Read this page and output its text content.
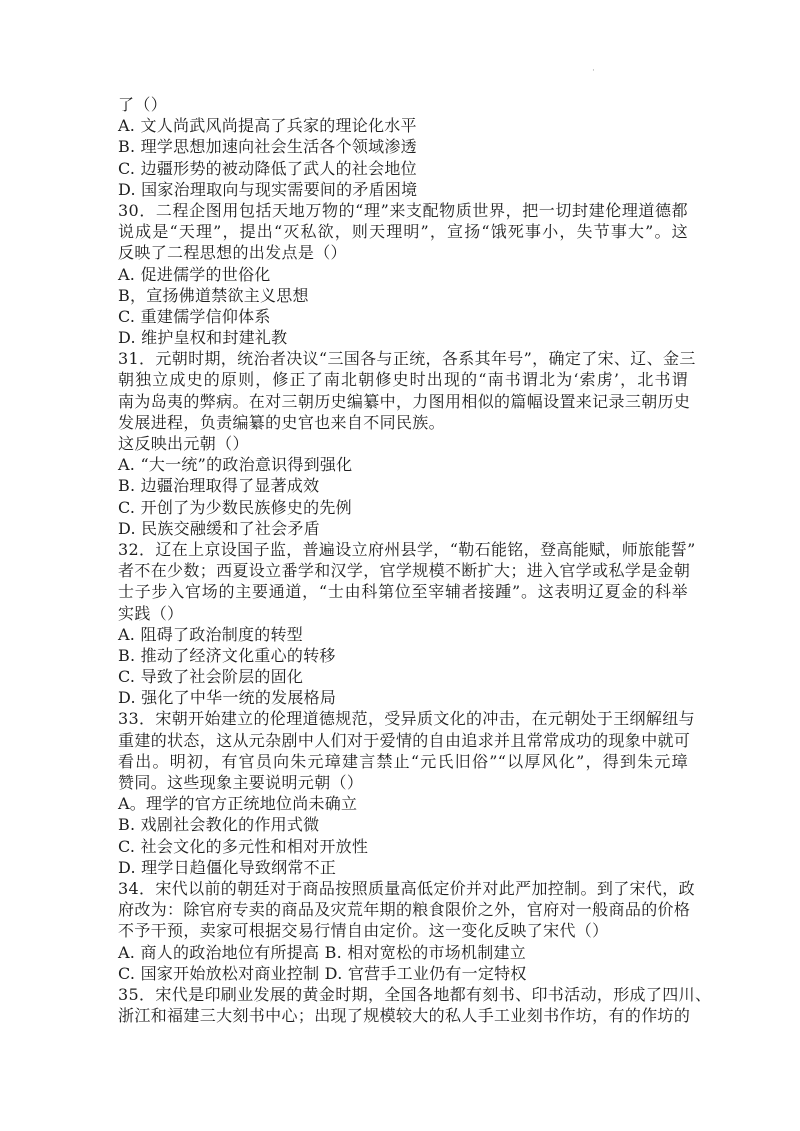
·
了（）
A. 文人尚武风尚提高了兵家的理论化水平
B. 理学思想加速向社会生活各个领域渗透
C. 边疆形势的被动降低了武人的社会地位
D. 国家治理取向与现实需要间的矛盾困境
30．二程企图用包括天地万物的“理”来支配物质世界，把一切封建伦理道德都
说成是“天理”，提出“灭私欲，则天理明”，宣扬“饿死事小，失节事大”。这
反映了二程思想的出发点是（）
A. 促进儒学的世俗化
B，宣扬佛道禁欲主义思想
C. 重建儒学信仰体系
D. 维护皇权和封建礼教
31．元朝时期，统治者决议“三国各与正统，各系其年号”，确定了宋、辽、金三
朝独立成史的原则，修正了南北朝修史时出现的“南书谓北为‘索虏’，北书谓
南为岛夷的弊病。在对三朝历史编纂中，力图用相似的篇幅设置来记录三朝历史
发展进程，负责编纂的史官也来自不同民族。
这反映出元朝（）
A. “大一统”的政治意识得到强化
B. 边疆治理取得了显著成效
C. 开创了为少数民族修史的先例
D. 民族交融缓和了社会矛盾
32．辽在上京设国子监，普遍设立府州县学，“勒石能铭，登高能赋，师旅能誓”
者不在少数；西夏设立番学和汉学，官学规模不断扩大；进入官学或私学是金朝
士子步入官场的主要通道，“士由科第位至宰辅者接踵”。这表明辽夏金的科举
实践（）
A. 阻碍了政治制度的转型
B. 推动了经济文化重心的转移
C. 导致了社会阶层的固化
D. 强化了中华一统的发展格局
33．宋朝开始建立的伦理道德规范，受异质文化的冲击，在元朝处于王纲解纽与
重建的状态，这从元杂剧中人们对于爱情的自由追求并且常常成功的现象中就可
看出。明初，有官员向朱元璋建言禁止“元氏旧俗”“以厚风化”，得到朱元璋
赞同。这些现象主要说明元朝（）
A。理学的官方正统地位尚未确立
B. 戏剧社会教化的作用式微
C. 社会文化的多元性和相对开放性
D. 理学日趋僵化导致纲常不正
34．宋代以前的朝廷对于商品按照质量高低定价并对此严加控制。到了宋代，政
府改为：除官府专卖的商品及灾荒年期的粮食限价之外，官府对一般商品的价格
不予干预，卖家可根据交易行情自由定价。这一变化反映了宋代（）
A. 商人的政治地位有所提高 B. 相对宽松的市场机制建立
C. 国家开始放松对商业控制 D. 官营手工业仍有一定特权
35．宋代是印刷业发展的黄金时期，全国各地都有刻书、印书活动，形成了四川、
浙江和福建三大刻书中心；出现了规模较大的私人手工业刻书作坊，有的作坊的
